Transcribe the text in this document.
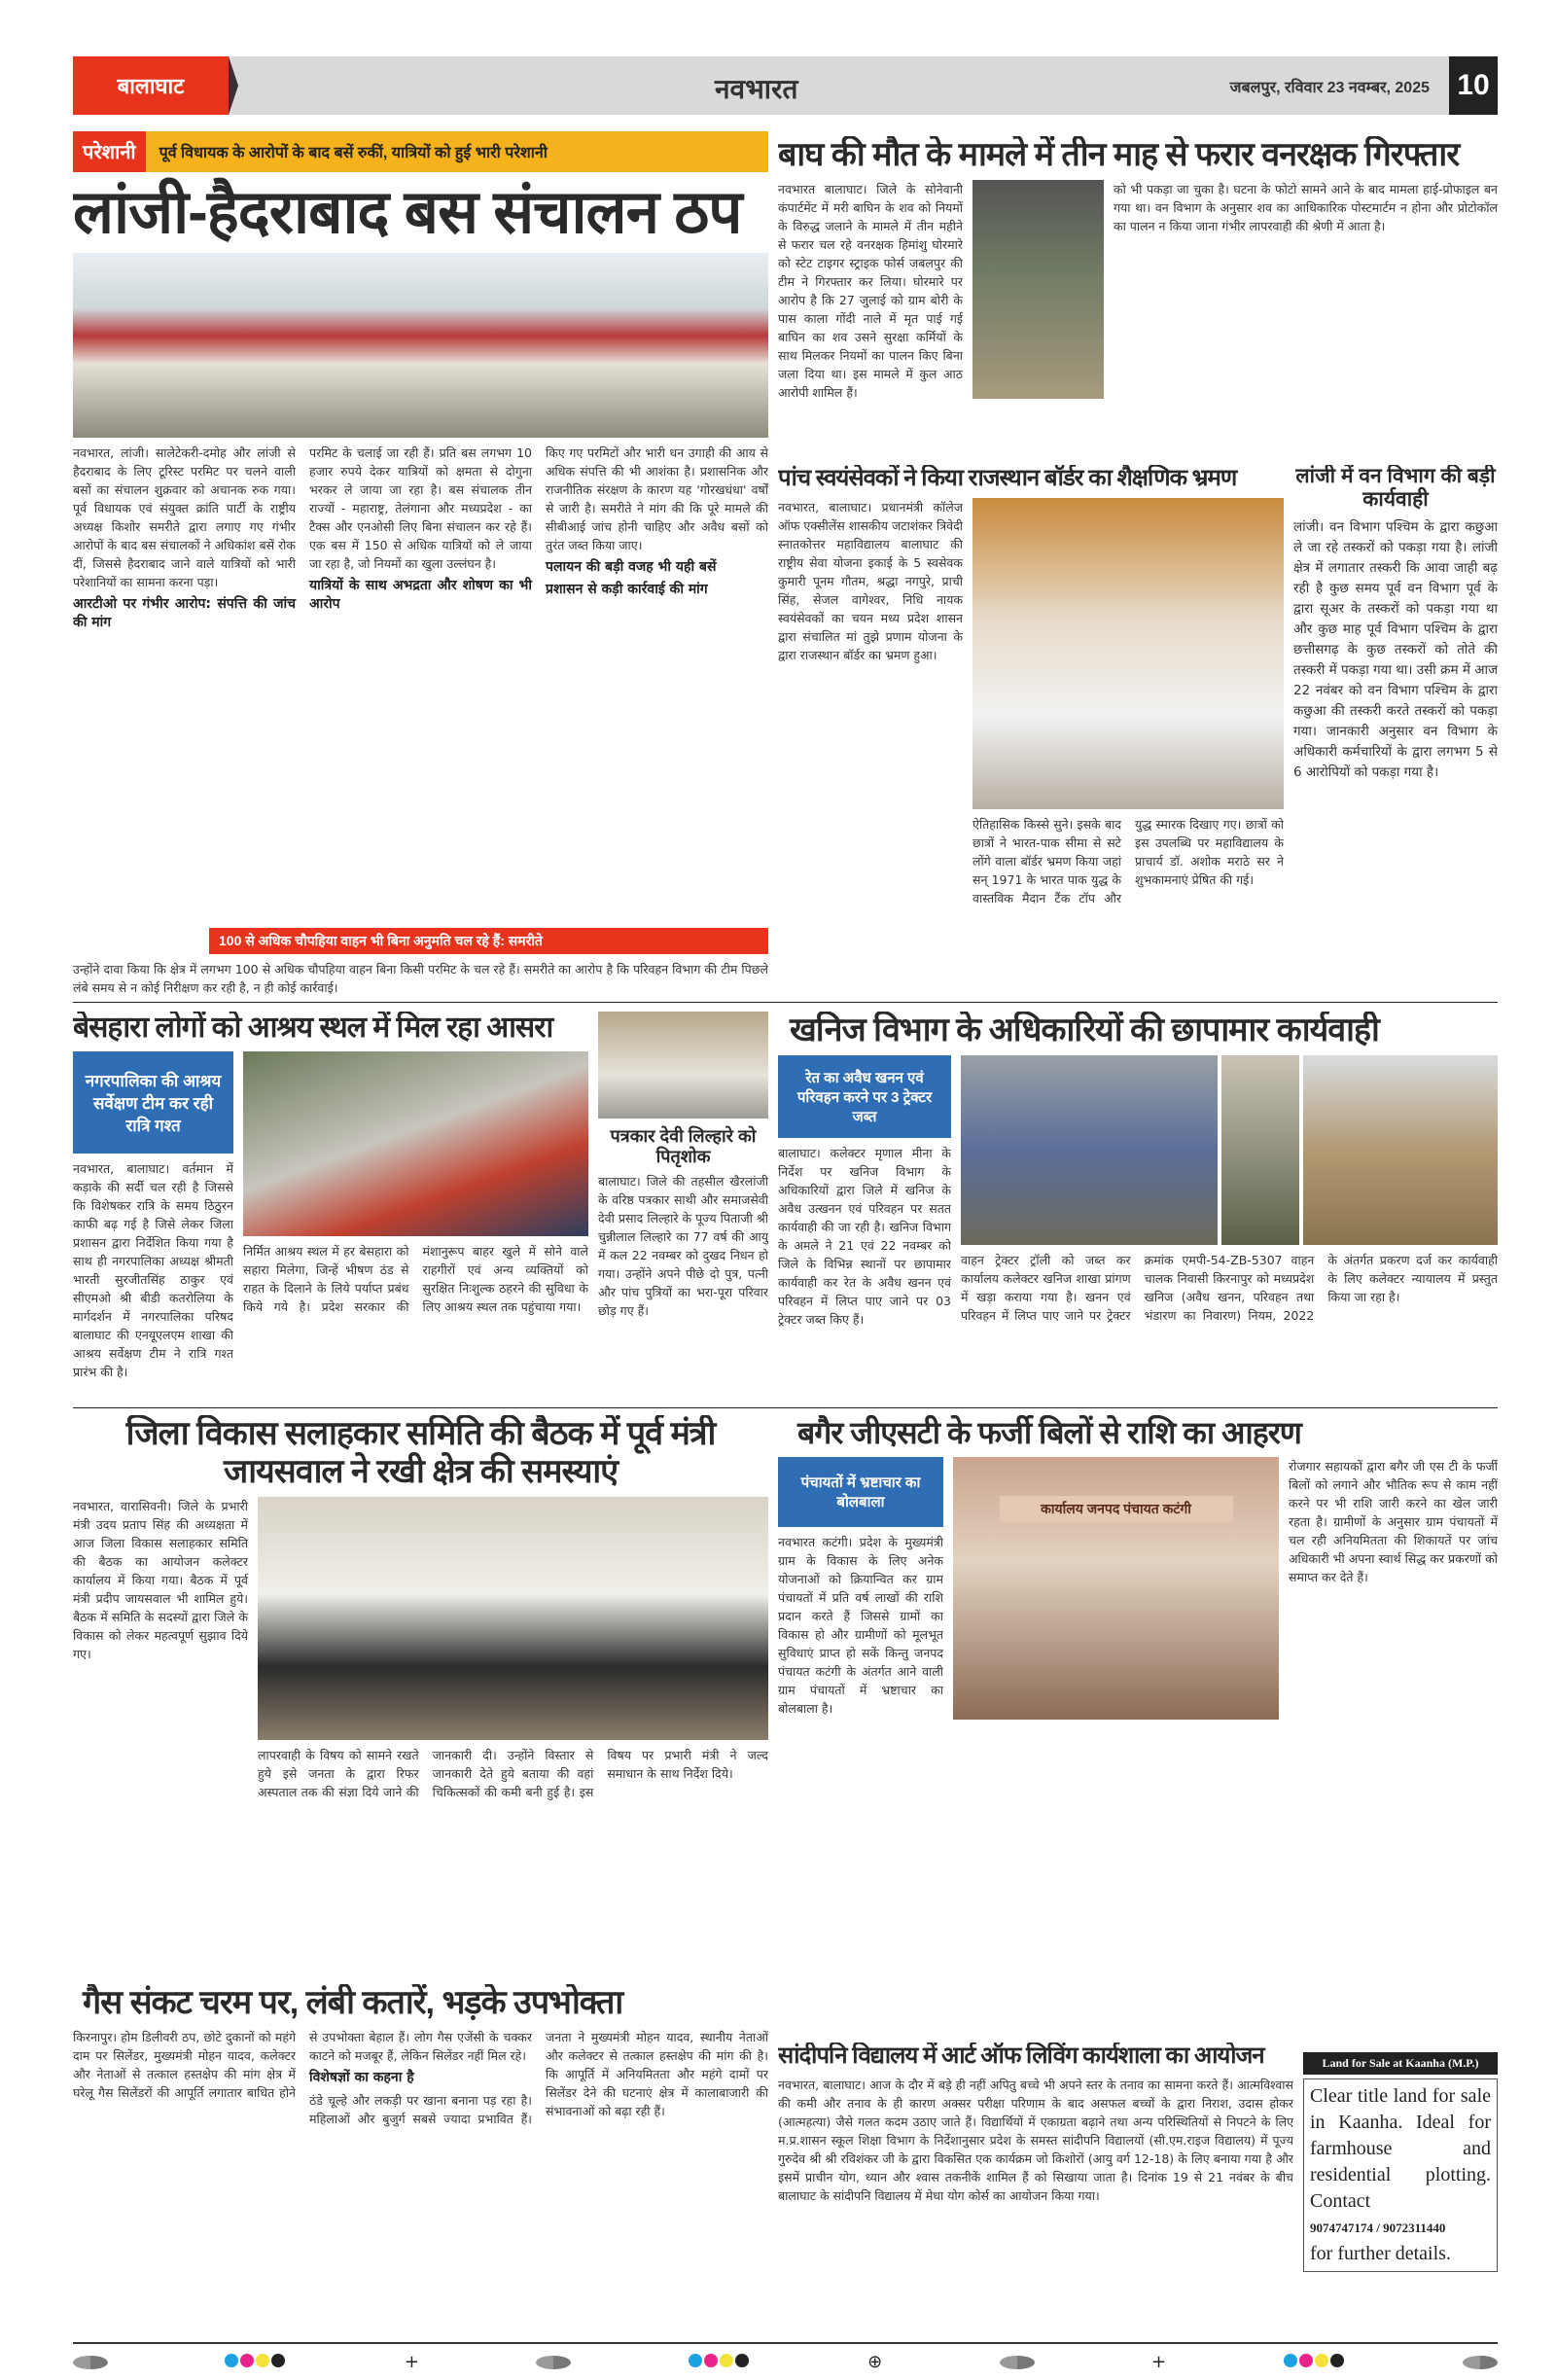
बालाघाट	नवभारत	जबलपुर, रविवार 23 नवम्बर, 2025 10
परेशानी	पूर्व विधायक के आरोपों के बाद बसें रुकीं, यात्रियों को हुई भारी परेशानी
लांजी-हैदराबाद बस संचालन ठप
नवभारत, लांजी। सालेटेकरी-दमोह और लांजी से हैदराबाद के लिए टूरिस्ट परमिट पर चलने वाली बसों का संचालन शुक्रवार को अचानक रुक गया। पूर्व विधायक एवं संयुक्त क्रांति पार्टी के राष्ट्रीय अध्यक्ष किशोर समरीते द्वारा लगाए गए गंभीर आरोपों के बाद बस संचालकों ने अधिकांश बसें रोक दीं, जिससे हैदराबाद जाने वाले यात्रियों को भारी परेशानियों का सामना करना पड़ा।
आरटीओ पर गंभीर आरोप: संपत्ति की जांच की मांग
परमिट के चलाई जा रही हैं। प्रति बस लगभग 10 हजार रुपये देकर यात्रियों को क्षमता से दोगुना भरकर ले जाया जा रहा है। बस संचालक तीन राज्यों - महाराष्ट्र, तेलंगाना और मध्यप्रदेश - का टैक्स और एनओसी लिए बिना संचालन कर रहे हैं। एक बस में 150 से अधिक यात्रियों को ले जाया जा रहा है, जो नियमों का खुला उल्लंघन है।
यात्रियों के साथ अभद्रता और शोषण का भी आरोप
किए गए परमिटों और भारी धन उगाही की आय से अधिक संपत्ति की भी आशंका है। प्रशासनिक और राजनीतिक संरक्षण के कारण यह 'गोरखधंधा' वर्षों से जारी है। समरीते ने मांग की कि पूरे मामले की सीबीआई जांच होनी चाहिए और अवैध बसों को तुरंत जब्त किया जाए।
पलायन की बड़ी वजह भी यही बसें
प्रशासन से कड़ी कार्रवाई की मांग
100 से अधिक चौपहिया वाहन भी बिना अनुमति चल रहे हैं: समरीते
उन्होंने दावा किया कि क्षेत्र में लगभग 100 से अधिक चौपहिया वाहन बिना किसी परमिट के चल रहे हैं। समरीते का आरोप है कि परिवहन विभाग की टीम पिछले लंबे समय से न कोई निरीक्षण कर रही है, न ही कोई कार्रवाई।
बाघ की मौत के मामले में तीन माह से फरार वनरक्षक गिरफ्तार
नवभारत बालाघाट। जिले के सोनेवानी कंपार्टमेंट में मरी बाघिन के शव को नियमों के विरुद्ध जलाने के मामले में तीन महीने से फरार चल रहे वनरक्षक हिमांशु घोरमारे को स्टेट टाइगर स्ट्राइक फोर्स जबलपुर की टीम ने गिरफ्तार कर लिया। घोरमारे पर आरोप है कि 27 जुलाई को ग्राम बोरी के पास काला गोंदी नाले में मृत पाई गई बाघिन का शव उसने सुरक्षा कर्मियों के साथ मिलकर नियमों का पालन किए बिना जला दिया था। इस मामले में कुल आठ आरोपी शामिल हैं।
को भी पकड़ा जा चुका है। घटना के फोटो सामने आने के बाद मामला हाई-प्रोफाइल बन गया था। वन विभाग के अनुसार शव का आधिकारिक पोस्टमार्टम न होना और प्रोटोकॉल का पालन न किया जाना गंभीर लापरवाही की श्रेणी में आता है।
पांच स्वयंसेवकों ने किया राजस्थान बॉर्डर का शैक्षणिक भ्रमण
नवभारत, बालाघाट। प्रधानमंत्री कॉलेज ऑफ एक्सीलेंस शासकीय जटाशंकर त्रिवेदी स्नातकोत्तर महाविद्यालय बालाघाट की राष्ट्रीय सेवा योजना इकाई के 5 स्वसेवक कुमारी पूनम गौतम, श्रद्धा नगपुरे, प्राची सिंह, सेजल वागेश्वर, निधि नायक स्वयंसेवकों का चयन मध्य प्रदेश शासन द्वारा संचालित मां तुझे प्रणाम योजना के द्वारा राजस्थान बॉर्डर का भ्रमण हुआ।
ऐतिहासिक किस्से सुने। इसके बाद छात्रों ने भारत-पाक सीमा से सटे लोंगे वाला बॉर्डर भ्रमण किया जहां सन् 1971 के भारत पाक युद्ध के वास्तविक मैदान टैंक टॉप और युद्ध स्मारक दिखाए गए। छात्रों को इस उपलब्धि पर महाविद्यालय के प्राचार्य डॉ. अशोक मराठे सर ने शुभकामनाएं प्रेषित की गई।
लांजी में वन विभाग की बड़ी कार्यवाही
लांजी। वन विभाग पश्चिम के द्वारा कछुआ ले जा रहे तस्करों को पकड़ा गया है। लांजी क्षेत्र में लगातार तस्करी कि आवा जाही बढ़ रही है कुछ समय पूर्व वन विभाग पूर्व के द्वारा सूअर के तस्करों को पकड़ा गया था और कुछ माह पूर्व विभाग पश्चिम के द्वारा छत्तीसगढ़ के कुछ तस्करों को तोते की तस्करी में पकड़ा गया था। उसी क्रम में आज 22 नवंबर को वन विभाग पश्चिम के द्वारा कछुआ की तस्करी करते तस्करों को पकड़ा गया। जानकारी अनुसार वन विभाग के अधिकारी कर्मचारियों के द्वारा लगभग 5 से 6 आरोपियों को पकड़ा गया है।
बेसहारा लोगों को आश्रय स्थल में मिल रहा आसरा
नगरपालिका की आश्रय सर्वेक्षण टीम कर रही रात्रि गश्त
नवभारत, बालाघाट। वर्तमान में कड़ाके की सर्दी चल रही है जिससे कि विशेषकर रात्रि के समय ठिठुरन काफी बढ़ गई है जिसे लेकर जिला प्रशासन द्वारा निर्देशित किया गया है साथ ही नगरपालिका अध्यक्ष श्रीमती भारती सुरजीतसिंह ठाकुर एवं सीएमओ श्री बीडी कतरोलिया के मार्गदर्शन में नगरपालिका परिषद बालाघाट की एनयूएलएम शाखा की आश्रय सर्वेक्षण टीम ने रात्रि गश्त प्रारंभ की है।
निर्मित आश्रय स्थल में हर बेसहारा को सहारा मिलेगा, जिन्हें भीषण ठंड से राहत के दिलाने के लिये पर्याप्त प्रबंध किये गये है। प्रदेश सरकार की मंशानुरूप बाहर खुले में सोने वाले राहगीरों एवं अन्य व्यक्तियों को सुरक्षित निःशुल्क ठहरने की सुविधा के लिए आश्रय स्थल तक पहुंचाया गया।
पत्रकार देवी लिल्हारे को पितृशोक
बालाघाट। जिले की तहसील खैरलांजी के वरिष्ठ पत्रकार साथी और समाजसेवी देवी प्रसाद लिल्हारे के पूज्य पिताजी श्री चुन्नीलाल लिल्हारे का 77 वर्ष की आयु में कल 22 नवम्बर को दुखद निधन हो गया। उन्होंने अपने पीछे दो पुत्र, पत्नी और पांच पुत्रियों का भरा-पूरा परिवार छोड़ गए हैं।
खनिज विभाग के अधिकारियों की छापामार कार्यवाही
रेत का अवैध खनन एवं परिवहन करने पर 3 ट्रेक्टर जब्त
बालाघाट। कलेक्टर मृणाल मीना के निर्देश पर खनिज विभाग के अधिकारियों द्वारा जिले में खनिज के अवैध उत्खनन एवं परिवहन पर सतत कार्यवाही की जा रही है। खनिज विभाग के अमले ने 21 एवं 22 नवम्बर को जिले के विभिन्न स्थानों पर छापामार कार्यवाही कर रेत के अवैध खनन एवं परिवहन में लिप्त पाए जाने पर 03 ट्रेक्टर जब्त किए हैं।
वाहन ट्रेक्टर ट्रॉली को जब्त कर कार्यालय कलेक्टर खनिज शाखा प्रांगण में खड़ा कराया गया है। खनन एवं परिवहन में लिप्त पाए जाने पर ट्रेक्टर क्रमांक एमपी-54-ZB-5307 वाहन चालक निवासी किरनापुर को मध्यप्रदेश खनिज (अवैध खनन, परिवहन तथा भंडारण का निवारण) नियम, 2022 के अंतर्गत प्रकरण दर्ज कर कार्यवाही के लिए कलेक्टर न्यायालय में प्रस्तुत किया जा रहा है।
जिला विकास सलाहकार समिति की बैठक में पूर्व मंत्री जायसवाल ने रखी क्षेत्र की समस्याएं
नवभारत, वारासिवनी। जिले के प्रभारी मंत्री उदय प्रताप सिंह की अध्यक्षता में आज जिला विकास सलाहकार समिति की बैठक का आयोजन कलेक्टर कार्यालय में किया गया। बैठक में पूर्व मंत्री प्रदीप जायसवाल भी शामिल हुये। बैठक में समिति के सदस्यों द्वारा जिले के विकास को लेकर महत्वपूर्ण सुझाव दिये गए।
लापरवाही के विषय को सामने रखते हुये इसे जनता के द्वारा रिफर अस्पताल तक की संज्ञा दिये जाने की जानकारी दी। उन्होंने विस्तार से जानकारी देते हुये बताया की वहां चिकित्सकों की कमी बनी हुई है। इस विषय पर प्रभारी मंत्री ने जल्द समाधान के साथ निर्देश दिये।
बगैर जीएसटी के फर्जी बिलों से राशि का आहरण
पंचायतों में भ्रष्टाचार का बोलबाला
नवभारत कटंगी। प्रदेश के मुख्यमंत्री ग्राम के विकास के लिए अनेक योजनाओं को क्रियान्वित कर ग्राम पंचायतों में प्रति वर्ष लाखों की राशि प्रदान करते हैं जिससे ग्रामों का विकास हो और ग्रामीणों को मूलभूत सुविधाएं प्राप्त हो सकें किन्तु जनपद पंचायत कटंगी के अंतर्गत आने वाली ग्राम पंचायतों में भ्रष्टाचार का बोलबाला है।
कार्यालय जनपद पंचायत कटंगी
रोजगार सहायकों द्वारा बगैर जी एस टी के फर्जी बिलों को लगाने और भौतिक रूप से काम नहीं करने पर भी राशि जारी करने का खेल जारी रहता है। ग्रामीणों के अनुसार ग्राम पंचायतों में चल रही अनियमितता की शिकायतें पर जांच अधिकारी भी अपना स्वार्थ सिद्ध कर प्रकरणों को समाप्त कर देते हैं।
गैस संकट चरम पर, लंबी कतारें, भड़के उपभोक्ता
किरनापुर। होम डिलीवरी ठप, छोटे दुकानों को महंगे दाम पर सिलेंडर, मुख्यमंत्री मोहन यादव, कलेक्टर और नेताओं से तत्काल हस्तक्षेप की मांग क्षेत्र में घरेलू गैस सिलेंडरों की आपूर्ति लगातार बाधित होने से उपभोक्ता बेहाल हैं। लोग गैस एजेंसी के चक्कर काटने को मजबूर हैं, लेकिन सिलेंडर नहीं मिल रहे।
विशेषज्ञों का कहना है
ठंडे चूल्हे और लकड़ी पर खाना बनाना पड़ रहा है। महिलाओं और बुजुर्ग सबसे ज्यादा प्रभावित हैं। जनता ने मुख्यमंत्री मोहन यादव, स्थानीय नेताओं और कलेक्टर से तत्काल हस्तक्षेप की मांग की है। कि आपूर्ति में अनियमितता और महंगे दामों पर सिलेंडर देने की घटनाएं क्षेत्र में कालाबाजारी की संभावनाओं को बढ़ा रही हैं।
सांदीपनि विद्यालय में आर्ट ऑफ लिविंग कार्यशाला का आयोजन
नवभारत, बालाघाट। आज के दौर में बड़े ही नहीं अपितु बच्चे भी अपने स्तर के तनाव का सामना करते हैं। आत्मविश्वास की कमी और तनाव के ही कारण अक्सर परीक्षा परिणाम के बाद असफल बच्चों के द्वारा निराश, उदास होकर (आत्महत्या) जैसे गलत कदम उठाए जाते हैं। विद्यार्थियों में एकाग्रता बढ़ाने तथा अन्य परिस्थितियों से निपटने के लिए म.प्र.शासन स्कूल शिक्षा विभाग के निर्देशानुसार प्रदेश के समस्त सांदीपनि विद्यालयों (सी.एम.राइज विद्यालय) में पूज्य गुरुदेव श्री श्री रविशंकर जी के द्वारा विकसित एक कार्यक्रम जो किशोरों (आयु वर्ग 12-18) के लिए बनाया गया है और इसमें प्राचीन योग, ध्यान और श्वास तकनीकें शामिल हैं को सिखाया जाता है। दिनांक 19 से 21 नवंबर के बीच बालाघाट के सांदीपनि विद्यालय में मेधा योग कोर्स का आयोजन किया गया।
Land for Sale at Kaanha (M.P.)
Clear title land for sale in Kaanha. Ideal for farmhouse and residential plotting. Contact
9074747174 / 9072311440
for further details.
+	⊕	+
